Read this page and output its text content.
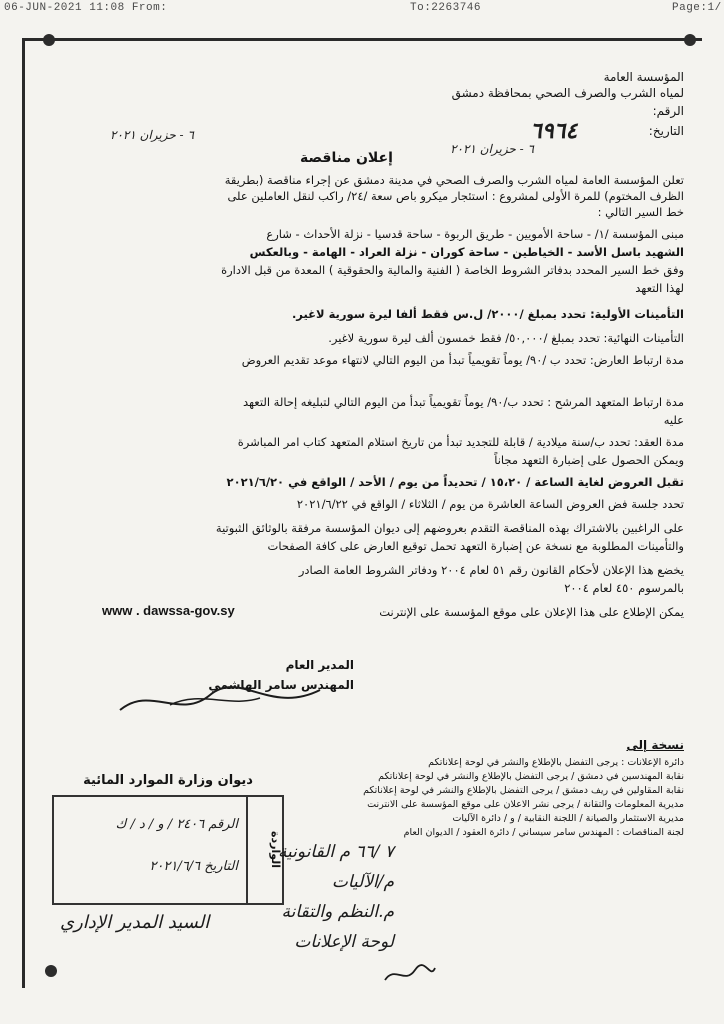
06-JUN-2021 11:08 From:	To:2263746	Page:1/
المؤسسة العامة
لمياه الشرب والصرف الصحي بمحافظة دمشق
الرقم:
التاريخ:
٦٩٦٤
٦ - حزيران ٢٠٢١
٦ - حزيران ٢٠٢١
إعلان مناقصة
تعلن المؤسسة العامة لمياه الشرب والصرف الصحي في مدينة دمشق عن إجراء مناقصة (بطريقة
الظرف المختوم) للمرة الأولى لمشروع : استئجار ميكرو باص سعة /٢٤/ راكب لنقل العاملين على
خط السير التالي :
مبنى المؤسسة /١/ - ساحة الأمويين - طريق الربوة - ساحة قدسيا - نزلة الأحداث - شارع
الشهيد باسل الأسد - الخياطين - ساحة كوران - نزلة العراد - الهامة - وبالعكس
وفق خط السير المحدد بدفاتر الشروط الخاصة ( الفنية والمالية والحقوقية ) المعدة من قبل الادارة
لهذا التعهد
التأمينات الأولية: تحدد بمبلغ /٢٠٠٠/ ل.س فقط ألفا ليرة سورية لاغير.
التأمينات النهائية: تحدد بمبلغ /٥٠,٠٠٠/ فقط خمسون ألف ليرة سورية لاغير.
مدة ارتباط العارض: تحدد ب /٩٠/ يوماً تقويمياً تبدأ من اليوم التالي لانتهاء موعد تقديم العروض
مدة ارتباط المتعهد المرشح : تحدد ب/٩٠/ يوماً تقويمياً تبدأ من اليوم التالي لتبليغه إحالة التعهد
عليه
مدة العقد: تحدد ب/سنة ميلادية / قابلة للتجديد تبدأ من تاريخ استلام المتعهد كتاب امر المباشرة
ويمكن الحصول على إضبارة التعهد مجاناً
تقبل العروض لغاية الساعة / ١٥،٢٠ / تحديداً من يوم / الأحد / الواقع في ٢٠٢١/٦/٢٠
تحدد جلسة فض العروض الساعة العاشرة من يوم / الثلاثاء / الواقع في ٢٠٢١/٦/٢٢
على الراغبين بالاشتراك بهذه المناقصة التقدم بعروضهم إلى ديوان المؤسسة مرفقة بالوثائق الثبوتية
والتأمينات المطلوبة مع نسخة عن إضبارة التعهد تحمل توقيع العارض على كافة الصفحات
يخضع هذا الإعلان لأحكام القانون رقم ٥١ لعام ٢٠٠٤ ودفاتر الشروط العامة الصادر
بالمرسوم ٤٥٠ لعام ٢٠٠٤
يمكن الإطلاع على هذا الإعلان على موقع المؤسسة على الإنترنت
www . dawssa-gov.sy
المدير العام
المهندس سامر الهاشمي
نسخة إلى
دائرة الإعلانات : يرجى التفضل بالإطلاع والنشر في لوحة إعلاناتكم
نقابة المهندسين في دمشق / يرجى التفضل بالإطلاع والنشر في لوحة إعلاناتكم
نقابة المقاولين في ريف دمشق / يرجى التفضل بالإطلاع والنشر في لوحة إعلاناتكم
مديرية المعلومات والتقانة / يرجى نشر الاعلان على موقع المؤسسة على الانترنت
مديرية الاستثمار والصيانة / اللجنة النقابية / و / دائرة الآليات
لجنة المناقصات : المهندس سامر سيساني / دائرة العقود / الديوان العام
ديوان وزارة الموارد المائية
الواردة
الرقم ٢٤٠٦ / و / د / ك
التاريخ ٢٠٢١/٦/٦
٧ /٦٦ م القانونية
م/الآليات
م.النظم والتقانة
لوحة الإعلانات
السيد المدير الإداري
